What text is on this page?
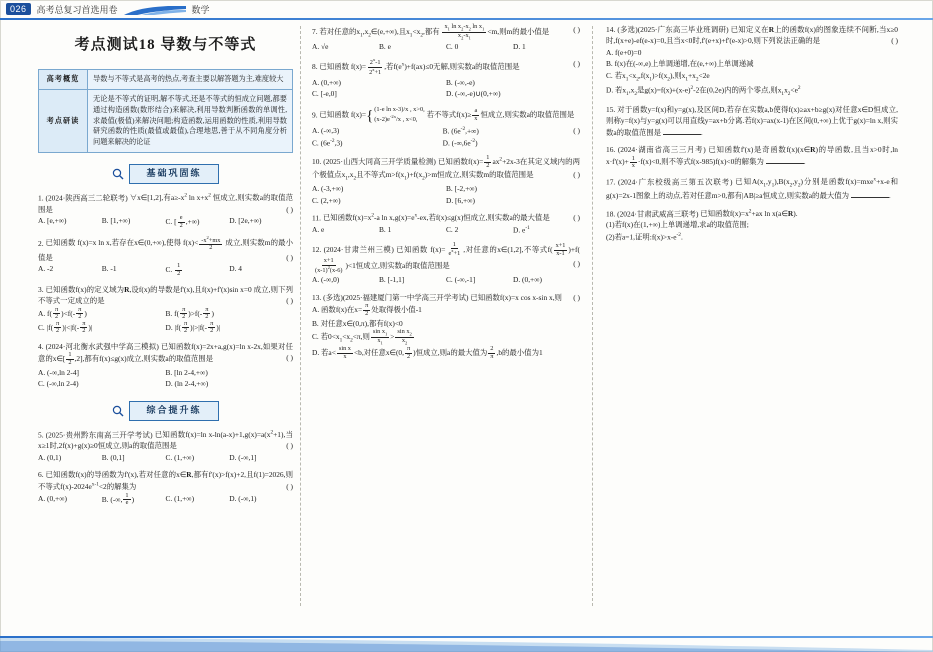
026	高考总复习首选用卷	数学
考点测试18 导数与不等式
高考概览	导数与不等式是高考的热点,考查主要以解答题为主,难度较大
考点研读	无论是不等式的证明,解不等式,还是不等式的恒成立问题,都要通过构造函数(数形结合)来解决,利用导数判断函数的单调性,求最值(极值)来解决问题;构造函数,运用函数的性质,利用导数研究函数的性质(最值或最值),合理地思,善于从不同角度分析问题来解决的论证
基础巩固练
1. (2024·陕西高三二轮联考) ∀x∈[1,2],有$a\ge-x^2$ $\ln x+x^2$ 恒成立,则实数a的取值范围是	( )
A. [e,+∞)	B. [1,+∞)	C. [ $\frac{e}{2}$ ,+∞)	D. [2e,+∞)
2. 已知函数 f(x)=x ln x,若存在x∈(0,+∞),使得 $f(x)< \frac{-x^2+mx}{2}$ 成立,则实数m的最小值是	( )
A. -2	B. -1	C. $\frac{1}{2}$	D. 4
3. 已知函数f(x)的定义域为R,设f(x)的导数是f'(x),且f(x)+f'(x)sin x=0 成立,则下列不等式一定成立的是	( )
A. $f( \frac{\pi}{2} )<f(- \frac{\pi}{2}$ )	B. $f( \frac{\pi}{2} )>f(- \frac{\pi}{2}$ )
C. $|f( \frac{\pi}{2} )|<|f(- \frac{\pi}{2}$ )|	D. $|f( \frac{\pi}{2} )|>|f(- \frac{\pi}{2}$ )|
4. (2024·河北衡水武强中学高三模拟) 已知函数f(x)=2x+a,g(x)=ln x-2x,如果对任意的x∈[ $\frac{1}{2} ,2$],都有f(x)≤g(x)成立,则实数a的取值范围是	( )
A. (-∞,ln 2-4]	B. [ln 2-4,+∞)
C. (-∞,ln 2-4)	D. (ln 2-4,+∞)
综合提升练
5. (2025·贵州黔东南高三开学考试) 已知函数f(x)=ln $x-\ln(a-x)+1,g(x)=a(x^2+1)$,当x≥1时,2f(x)+g(x)≥0恒成立,则a的取值范围是	( )
A. (0,1)	B. (0,1]	C. (1,+∞)	D. (-∞,1]
6. 已知函数f(x)的导函数为f'(x),若对任意的x∈R,都有f'(x)>f(x)+2,且f(1)=2026,则不等式$f(x)-2024e^{x-1}<2$的解集为	( )
A. (0,+∞)	B. (-∞, $\frac{1}{e}$ )	C. (1,+∞)	D. (-∞,1)
7. 若对任意的$x_1,x_2\in(e,+\infty)$,且$x_1<x_2$,都有 $\frac{x_1 \ln x_2-x_2 \ln x_1}{x_2-x_1} <m$,则m的最小值是	( )
A. √e	B. e	C. 0	D. 1
8. 已知函数 $f(x)= \frac{2^x-1}{2^x+1}$ ,若$f(e^x)+f(ax)\le 0$无解,则实数a的取值范围是	( )
A. (0,+∞)	B. (-∞,-e)
C. [-e,0]	D. (-∞,-e)∪(0,+∞)
9. 已知函数 f(x)={ (1-e ln x-3)/x , x>0,
$(x-2)e^{-2x}/x$ , x<0,
若不等式$f(x)\ge \frac{a}{x}$ 恒成立,则实数a的取值范围是
( )
A. (-∞,3)	B. $(6e^{-2},+\infty)$
C. $(6e^{-2},3)$	D. $(-\infty,6e^{-2})$
10. (2025·山西大同高三开学质量检测) 已知函数$f(x)= \frac{1}{2} ax^2+2x-3$在其定义域内的两个极值点$x_1,x_2$且不等式$m>f(x_1)+f(x_2)>m$恒成立,则实数m的取值范围是	( )
A. (-3,+∞)	B. [-2,+∞)
C. (2,+∞)	D. [6,+∞)
11. 已知函数$f(x)=x^2-a$ $\ln x,g(x)=e^x-ex$,若f(x)≤g(x)恒成立,则实数a的最大值是	( )
A. e	B. 1	C. 2	D. $e^{-1}$
12. (2024·甘肃兰州三模) 已知函数 $f(x)= \frac{1}{e^x+1}$ ,对任意的x∈(1,2],不等式$f( \frac{x+1}{x-1} )+f$(
$\frac{x+1}{(x-1)^2(x-6)} )<1$恒成立,则实数a的取值范围是	( )
A. (-∞,0)	B. [-1,1]	C. (-∞,-1]	D. (0,+∞)
13. (多选)(2025·福建厦门第一中学高三开学考试) 已知函数f(x)=x cos x-sin x,则 ( )
A. 函数f(x)在$x= \frac{\pi}{2}$ 处取得极小值-1
B. 对任意x∈(0,π),都有f(x)<0
C. 若$0<x_1<x_2<\pi$,则 $\frac{\sin x_1}{x_1} > \frac{\sin x_2}{x_2}$
D. 若$a< \frac{\text{sin x}}{x} <b$,对任意x∈(0, $\frac{\pi}{2}$ )恒成立,则a的最大值为 $\frac{2}{\pi} ,b$的最小值为1
14. (多选)(2025·广东高三毕业班调研) 已知定义在R上的函数f(x)的图象连续不间断,当x≥0时,f(x+e)-ef(e-x)=0,且当x<0时,f'(e+x)+f'(e-x)>0,则下列说法正确的是	( )
A. f(e+0)=0
B. f(x)在(-∞,e)上单调递增,在(e,+∞)上单调递减
C. 若$x_1<x_2,f(x_1)>f(x_2)$,则$x_1+x_2<2e$
D. 若$x_1,x_2$是$g(x)=f(x)+(x-e)^2-2$在(0,2e)内的两个零点,则$x_1x_2<e^2$
15. 对于函数y=f(x)和y=g(x),及区间D,若存在实数a,b使得f(x)≥ax+b≥g(x)对任意x∈D恒成立,则称y=f(x)与y=g(x)可以用直线y=ax+b分离.若f(x)=ax(x-1)在区间(0,+∞)上优于g(x)=ln x,则实数a的取值范围是	.
16. (2024·湖南省高三三月考) 已知函数f'(x)是奇函数f(x)(x∈R)的导函数,且当x>0时,ln $x\cdot f'(x)+ \frac{1}{x} \cdot f(x)<0$,则不等式f(x-985)f(x)<0的解集为	.
17. (2024·广东校级高三第五次联考) 已知$A(x_1,y_1),B(x_2,y_2)$分别是函数f(x)=mxe$^x$+x-e和g(x)=2x-1图象上的动点,若对任意m>0,都有|AB|≥a恒成立,则实数a的最大值为	.
18. (2024·甘肃武威高三联考) 已知函数$f(x)=x^2+ax$ ln x(a∈R).
(1)若f(x)在(1,+∞)上单调递增,求a的取值范围;
(2)若a=1,证明$:f(x)>x-e^{-2}$.
